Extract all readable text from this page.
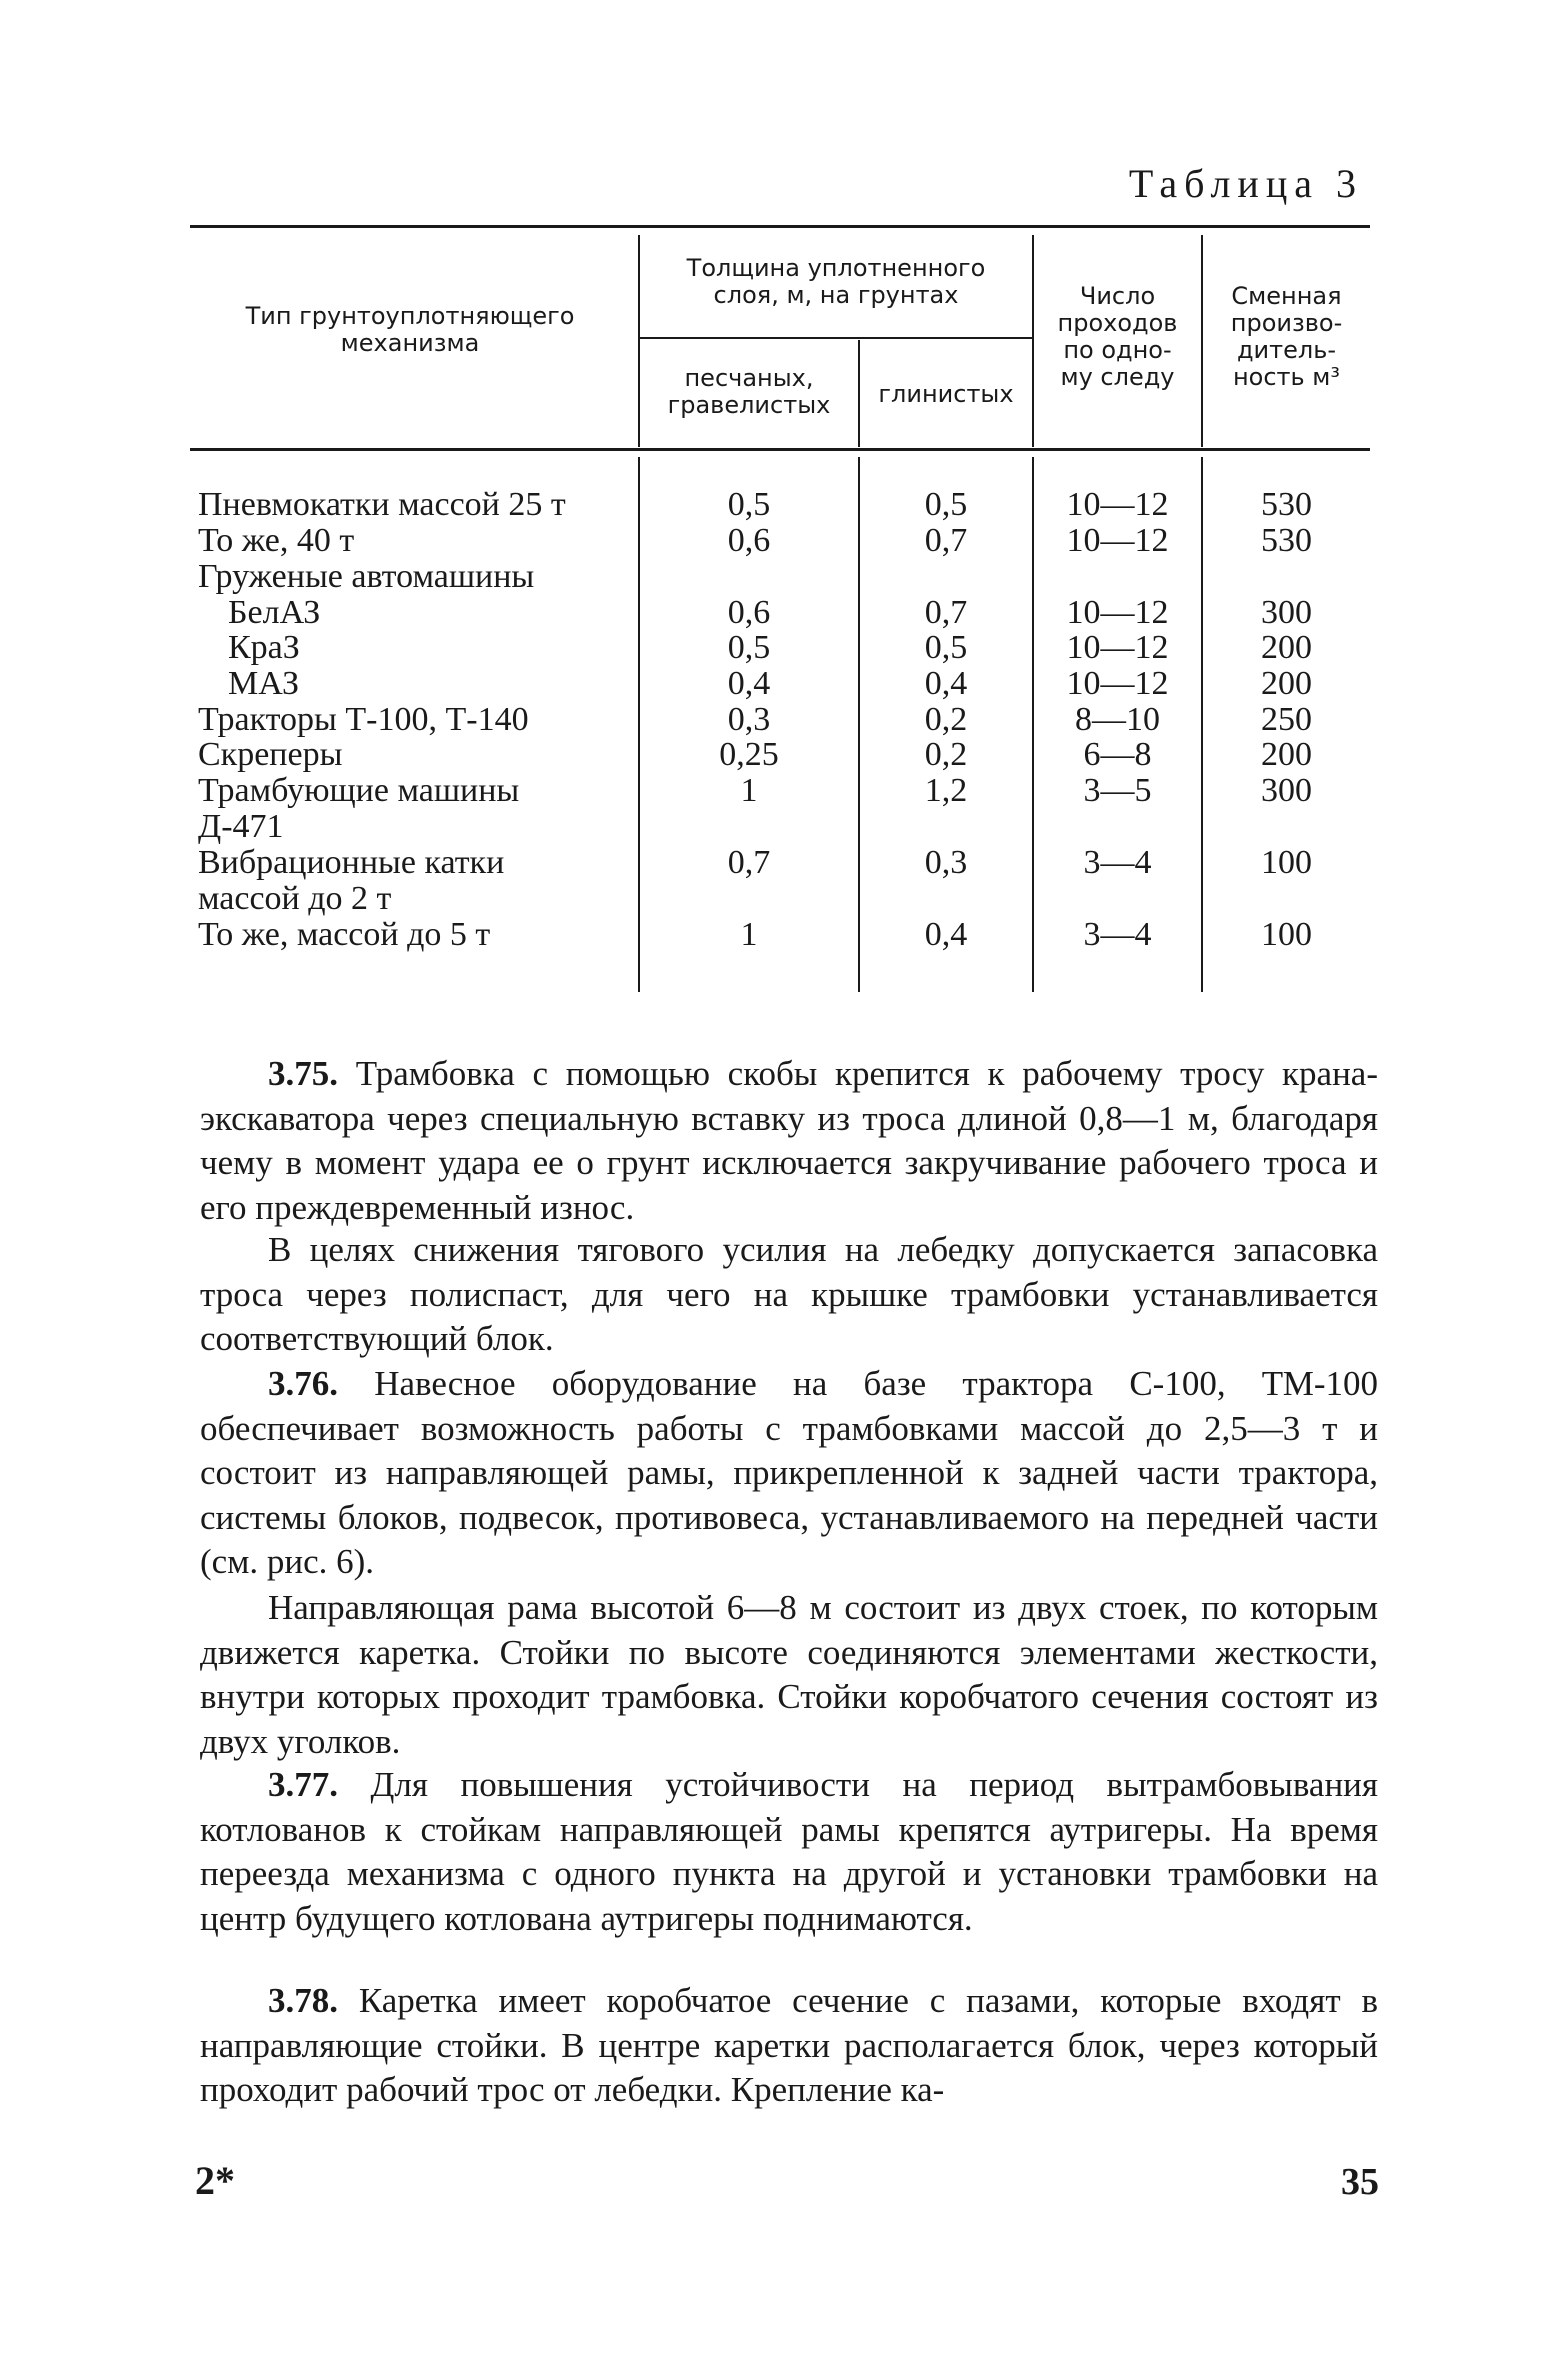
Таблица 3
Тип грунтоуплотняющего
механизма
Толщина уплотненного
слоя, м, на грунтах
песчаных,
гравелистых	глинистых
Число
проходов
по одно-
му следу
Сменная
произво-
дитель-
ность м³
Пневмокатки массой 25 т	0,5	0,5	10—12	530
То же, 40 т	0,6	0,7	10—12	530
Груженые автомашины
БелАЗ	0,6	0,7	10—12	300
КраЗ	0,5	0,5	10—12	200
МАЗ	0,4	0,4	10—12	200
Тракторы Т-100, Т-140	0,3	0,2	8—10	250
Скреперы	0,25	0,2	6—8	200
Трамбующие машины	1	1,2	3—5	300
Д-471
Вибрационные катки	0,7	0,3	3—4	100
массой до 2 т
То же, массой до 5 т	1	0,4	3—4	100
3.75. Трамбовка с помощью скобы крепится к рабочему тросу крана-экскаватора через специальную вставку из троса длиной 0,8—1 м, благодаря чему в момент удара ее о грунт исключается закручивание рабочего троса и его преждевременный износ.
В целях снижения тягового усилия на лебедку допускается запасовка троса через полиспаст, для чего на крышке трамбовки устанавливается соответствующий блок.
3.76. Навесное оборудование на базе трактора С-100, ТМ-100 обеспечивает возможность работы с трамбовками массой до 2,5—3 т и состоит из направляющей рамы, прикрепленной к задней части трактора, системы блоков, подвесок, противовеса, устанавливаемого на передней части (см. рис. 6).
Направляющая рама высотой 6—8 м состоит из двух стоек, по которым движется каретка. Стойки по высоте соединяются элементами жесткости, внутри которых проходит трамбовка. Стойки коробчатого сечения состоят из двух уголков.
3.77. Для повышения устойчивости на период вытрамбовывания котлованов к стойкам направляющей рамы крепятся аутригеры. На время переезда механизма с одного пункта на другой и установки трамбовки на центр будущего котлована аутригеры поднимаются.
3.78. Каретка имеет коробчатое сечение с пазами, которые входят в направляющие стойки. В центре каретки располагается блок, через который проходит рабочий трос от лебедки. Крепление ка-
2*	35
